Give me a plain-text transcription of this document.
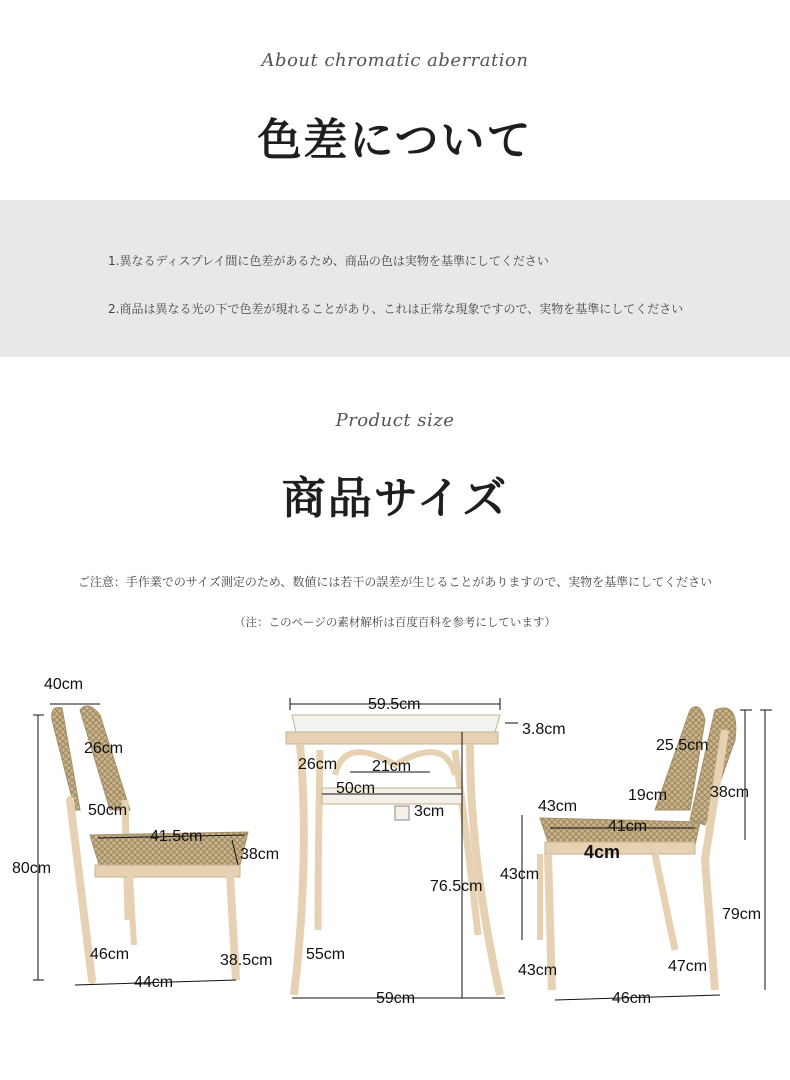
About chromatic aberration
色差について
1.異なるディスプレイ間に色差があるため、商品の色は実物を基準にしてください
2.商品は異なる光の下で色差が現れることがあり、これは正常な現象ですので、実物を基準にしてください
Product size
商品サイズ
ご注意：手作業でのサイズ測定のため、数値には若干の誤差が生じることがありますので、実物を基準にしてください
（注：このページの素材解析は百度百科を参考にしています）
40cm
26cm
50cm
41.5cm
38cm
80cm
46cm	38.5cm
44cm
59.5cm
3.8cm
26cm 21cm
50cm
3cm
76.5cm
55cm
59cm
25.5cm
38cm
19cm
43cm
41cm
4cm
43cm
79cm
43cm	47cm
46cm
